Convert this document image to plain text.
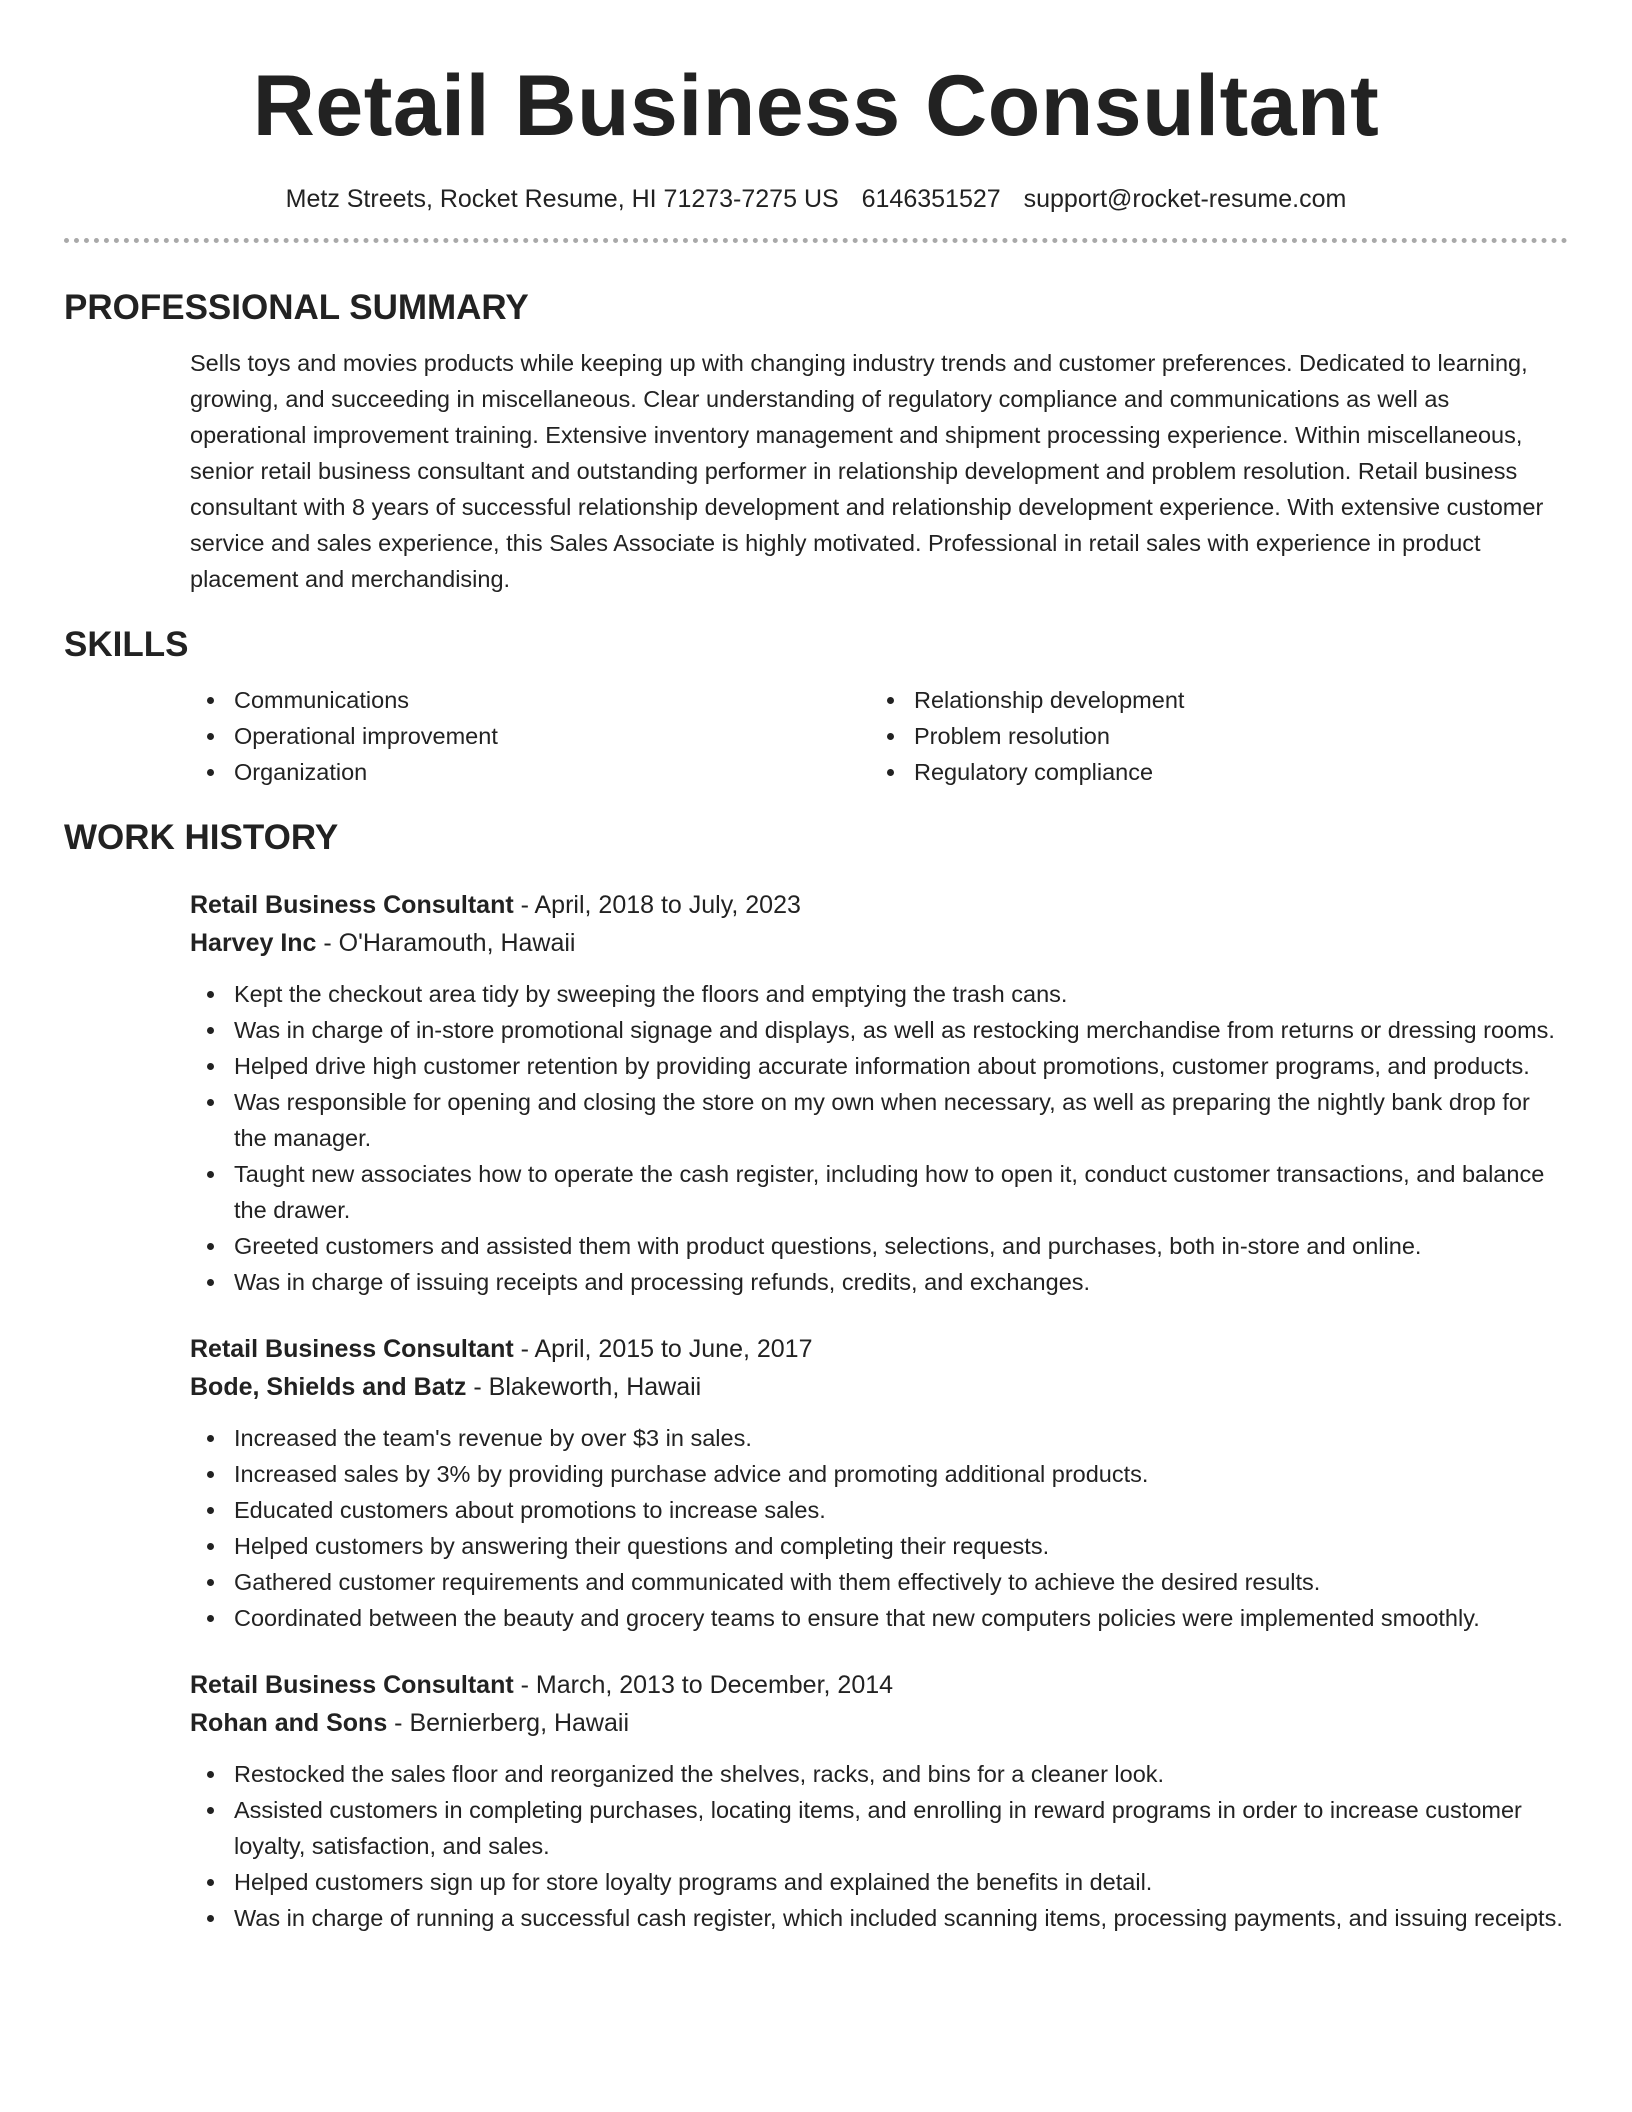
Retail Business Consultant
Metz Streets, Rocket Resume, HI 71273-7275 US 6146351527 support@rocket-resume.com
PROFESSIONAL SUMMARY
Sells toys and movies products while keeping up with changing industry trends and customer preferences. Dedicated to learning, growing, and succeeding in miscellaneous. Clear understanding of regulatory compliance and communications as well as operational improvement training. Extensive inventory management and shipment processing experience. Within miscellaneous, senior retail business consultant and outstanding performer in relationship development and problem resolution. Retail business consultant with 8 years of successful relationship development and relationship development experience. With extensive customer service and sales experience, this Sales Associate is highly motivated. Professional in retail sales with experience in product placement and merchandising.
SKILLS
Communications
Operational improvement
Organization
Relationship development
Problem resolution
Regulatory compliance
WORK HISTORY
Retail Business Consultant - April, 2018 to July, 2023
Harvey Inc - O'Haramouth, Hawaii
Kept the checkout area tidy by sweeping the floors and emptying the trash cans.
Was in charge of in-store promotional signage and displays, as well as restocking merchandise from returns or dressing rooms.
Helped drive high customer retention by providing accurate information about promotions, customer programs, and products.
Was responsible for opening and closing the store on my own when necessary, as well as preparing the nightly bank drop for the manager.
Taught new associates how to operate the cash register, including how to open it, conduct customer transactions, and balance the drawer.
Greeted customers and assisted them with product questions, selections, and purchases, both in-store and online.
Was in charge of issuing receipts and processing refunds, credits, and exchanges.
Retail Business Consultant - April, 2015 to June, 2017
Bode, Shields and Batz - Blakeworth, Hawaii
Increased the team's revenue by over $3 in sales.
Increased sales by 3% by providing purchase advice and promoting additional products.
Educated customers about promotions to increase sales.
Helped customers by answering their questions and completing their requests.
Gathered customer requirements and communicated with them effectively to achieve the desired results.
Coordinated between the beauty and grocery teams to ensure that new computers policies were implemented smoothly.
Retail Business Consultant - March, 2013 to December, 2014
Rohan and Sons - Bernierberg, Hawaii
Restocked the sales floor and reorganized the shelves, racks, and bins for a cleaner look.
Assisted customers in completing purchases, locating items, and enrolling in reward programs in order to increase customer loyalty, satisfaction, and sales.
Helped customers sign up for store loyalty programs and explained the benefits in detail.
Was in charge of running a successful cash register, which included scanning items, processing payments, and issuing receipts.
